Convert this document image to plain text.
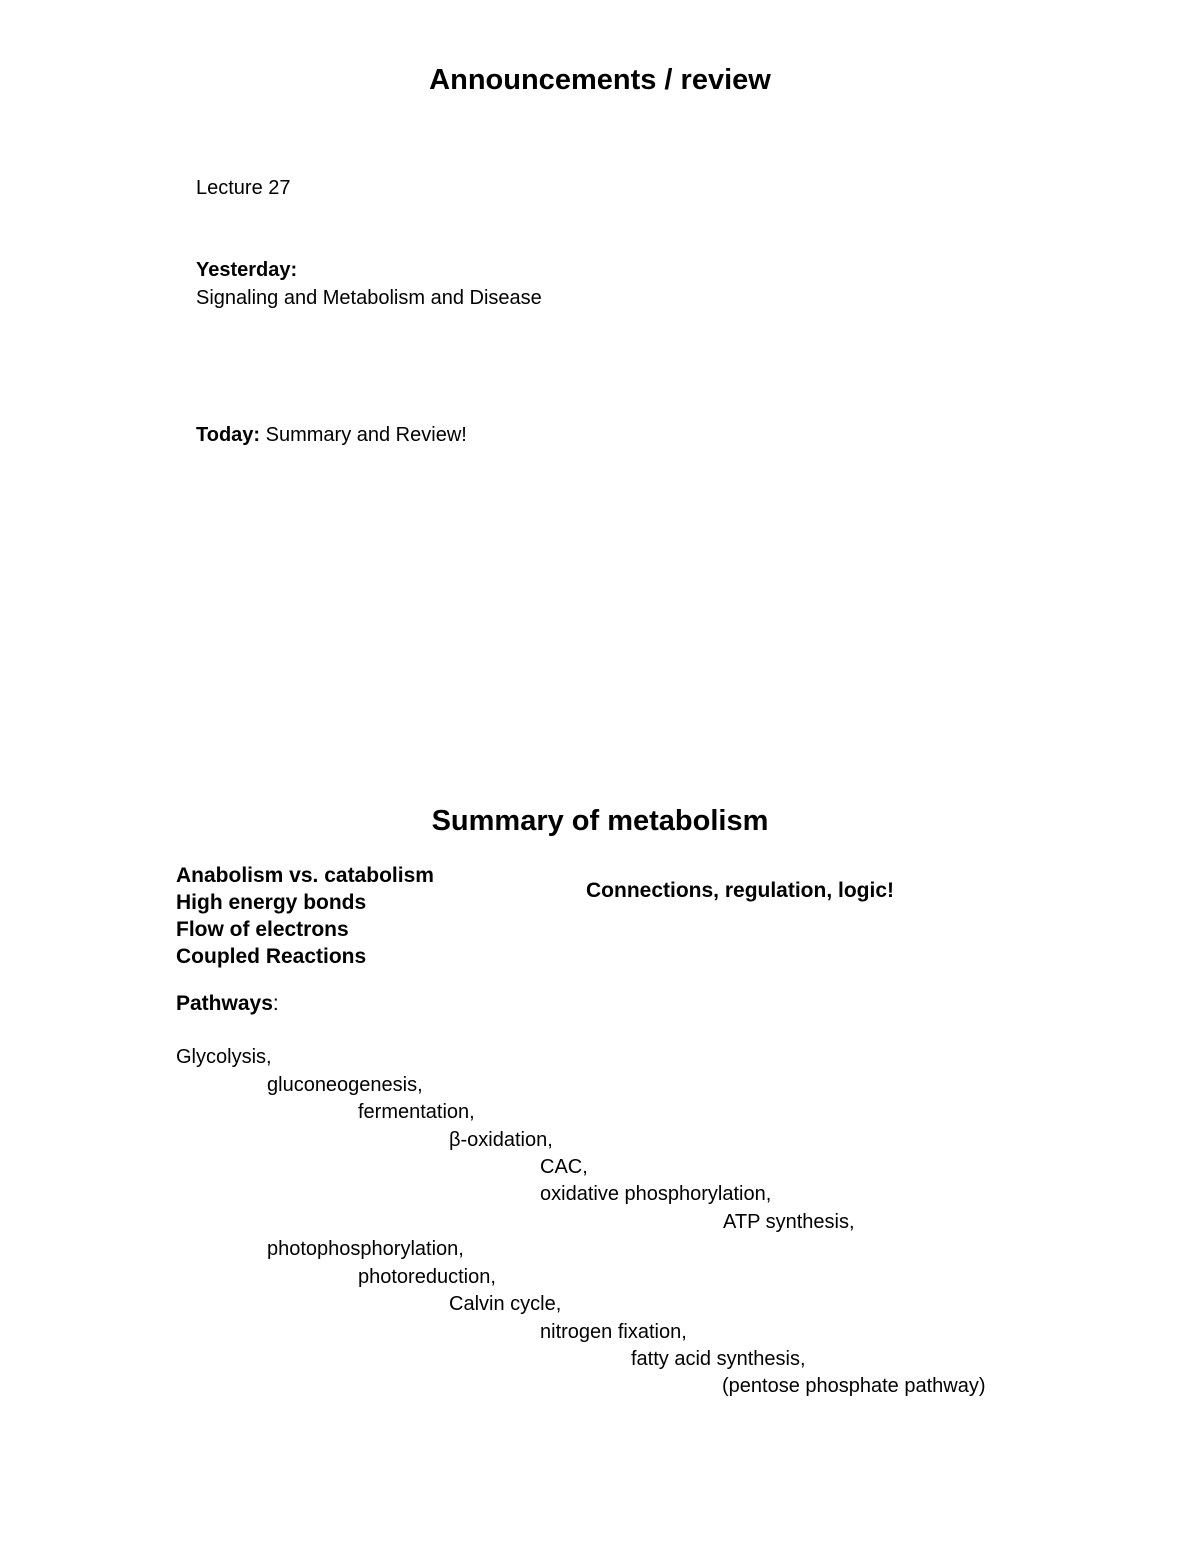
Announcements / review
Lecture 27
Yesterday:
Signaling and Metabolism and Disease
Today: Summary and Review!
Summary of metabolism
Anabolism vs. catabolism
High energy bonds
Flow of electrons
Coupled Reactions
Connections, regulation, logic!
Pathways:
Glycolysis,
gluconeogenesis,
fermentation,
β-oxidation,
CAC,
oxidative phosphorylation,
ATP synthesis,
photophosphorylation,
photoreduction,
Calvin cycle,
nitrogen fixation,
fatty acid synthesis,
(pentose phosphate pathway)
